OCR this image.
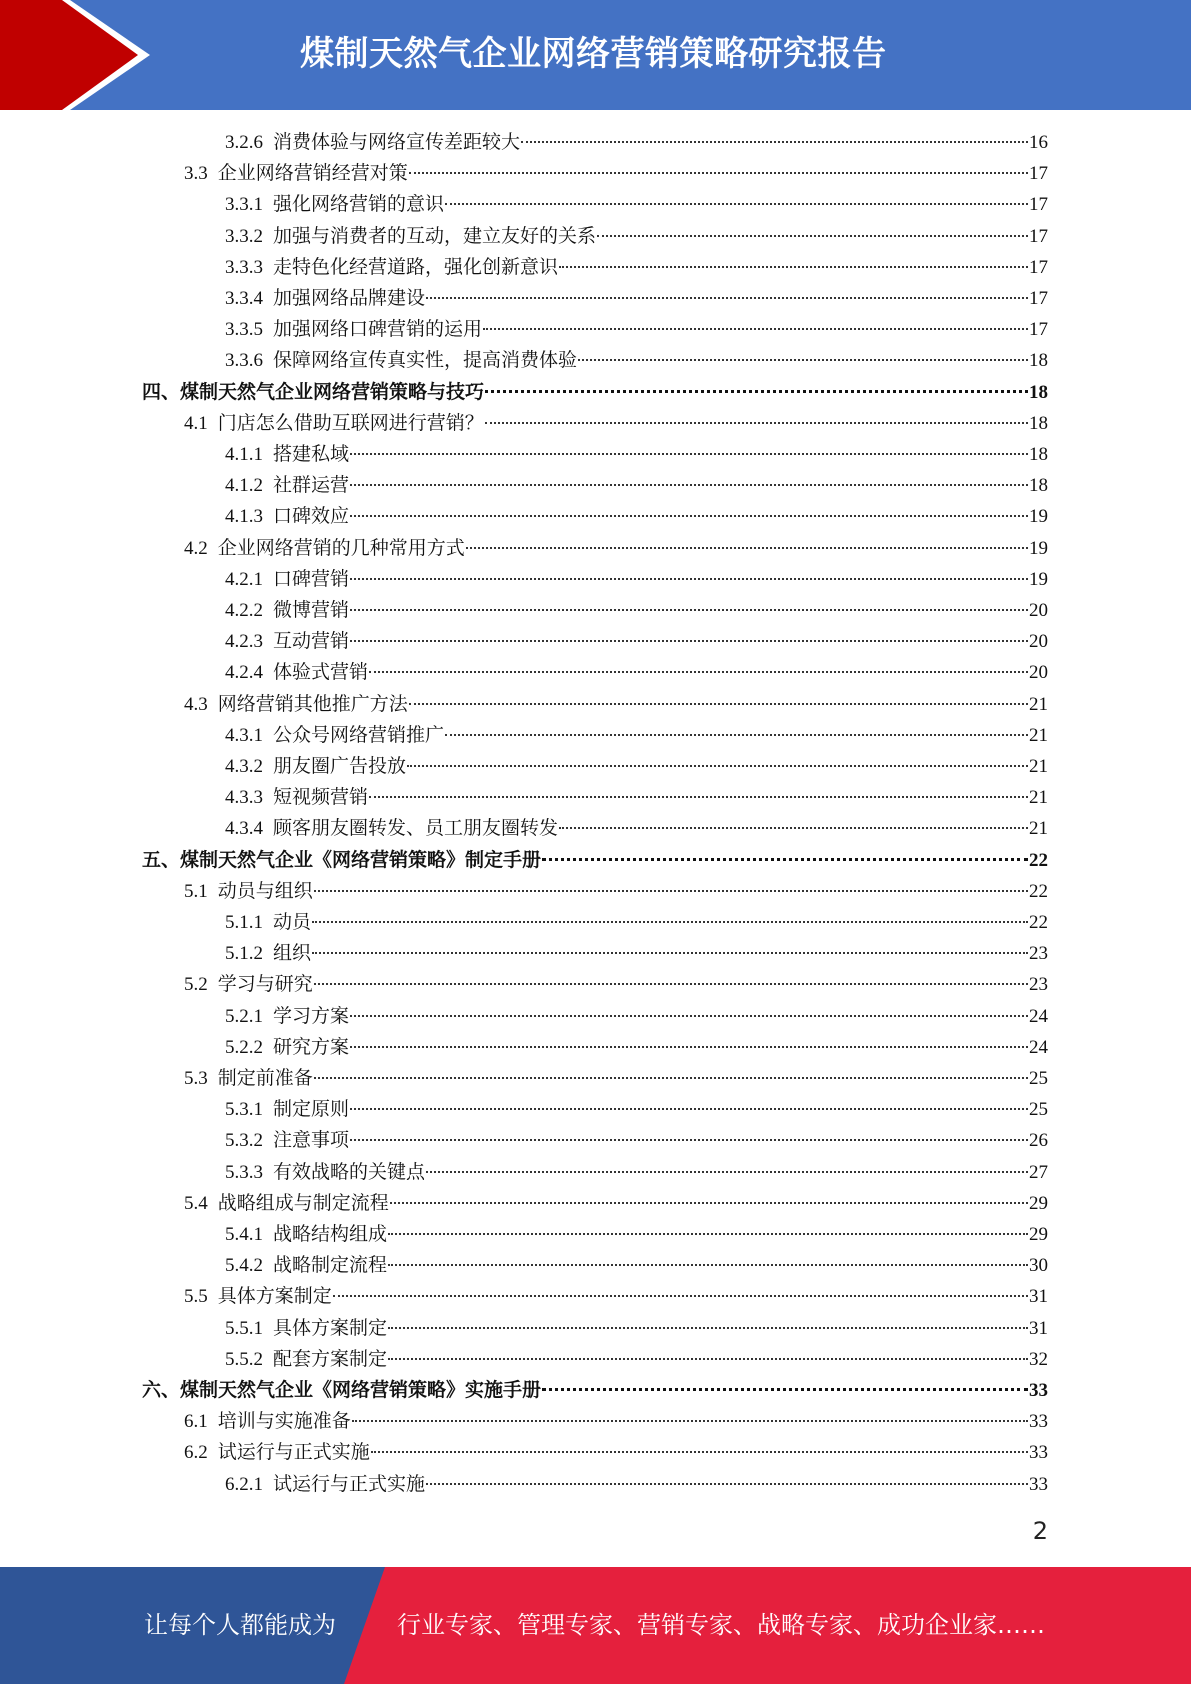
煤制天然气企业网络营销策略研究报告
3.2.6 消费体验与网络宣传差距较大	16
3.3 企业网络营销经营对策	17
3.3.1 强化网络营销的意识	17
3.3.2 加强与消费者的互动，建立友好的关系	17
3.3.3 走特色化经营道路，强化创新意识	17
3.3.4 加强网络品牌建设	17
3.3.5 加强网络口碑营销的运用	17
3.3.6 保障网络宣传真实性，提高消费体验	18
四、煤制天然气企业网络营销策略与技巧	18
4.1 门店怎么借助互联网进行营销？	18
4.1.1 搭建私域	18
4.1.2 社群运营	18
4.1.3 口碑效应	19
4.2 企业网络营销的几种常用方式	19
4.2.1 口碑营销	19
4.2.2 微博营销	20
4.2.3 互动营销	20
4.2.4 体验式营销	20
4.3 网络营销其他推广方法	21
4.3.1 公众号网络营销推广	21
4.3.2 朋友圈广告投放	21
4.3.3 短视频营销	21
4.3.4 顾客朋友圈转发、员工朋友圈转发	21
五、煤制天然气企业《网络营销策略》制定手册	22
5.1 动员与组织	22
5.1.1 动员	22
5.1.2 组织	23
5.2 学习与研究	23
5.2.1 学习方案	24
5.2.2 研究方案	24
5.3 制定前准备	25
5.3.1 制定原则	25
5.3.2 注意事项	26
5.3.3 有效战略的关键点	27
5.4 战略组成与制定流程	29
5.4.1 战略结构组成	29
5.4.2 战略制定流程	30
5.5 具体方案制定	31
5.5.1 具体方案制定	31
5.5.2 配套方案制定	32
六、煤制天然气企业《网络营销策略》实施手册	33
6.1 培训与实施准备	33
6.2 试运行与正式实施	33
6.2.1 试运行与正式实施	33
2
让每个人都能成为	行业专家、管理专家、营销专家、战略专家、成功企业家……
